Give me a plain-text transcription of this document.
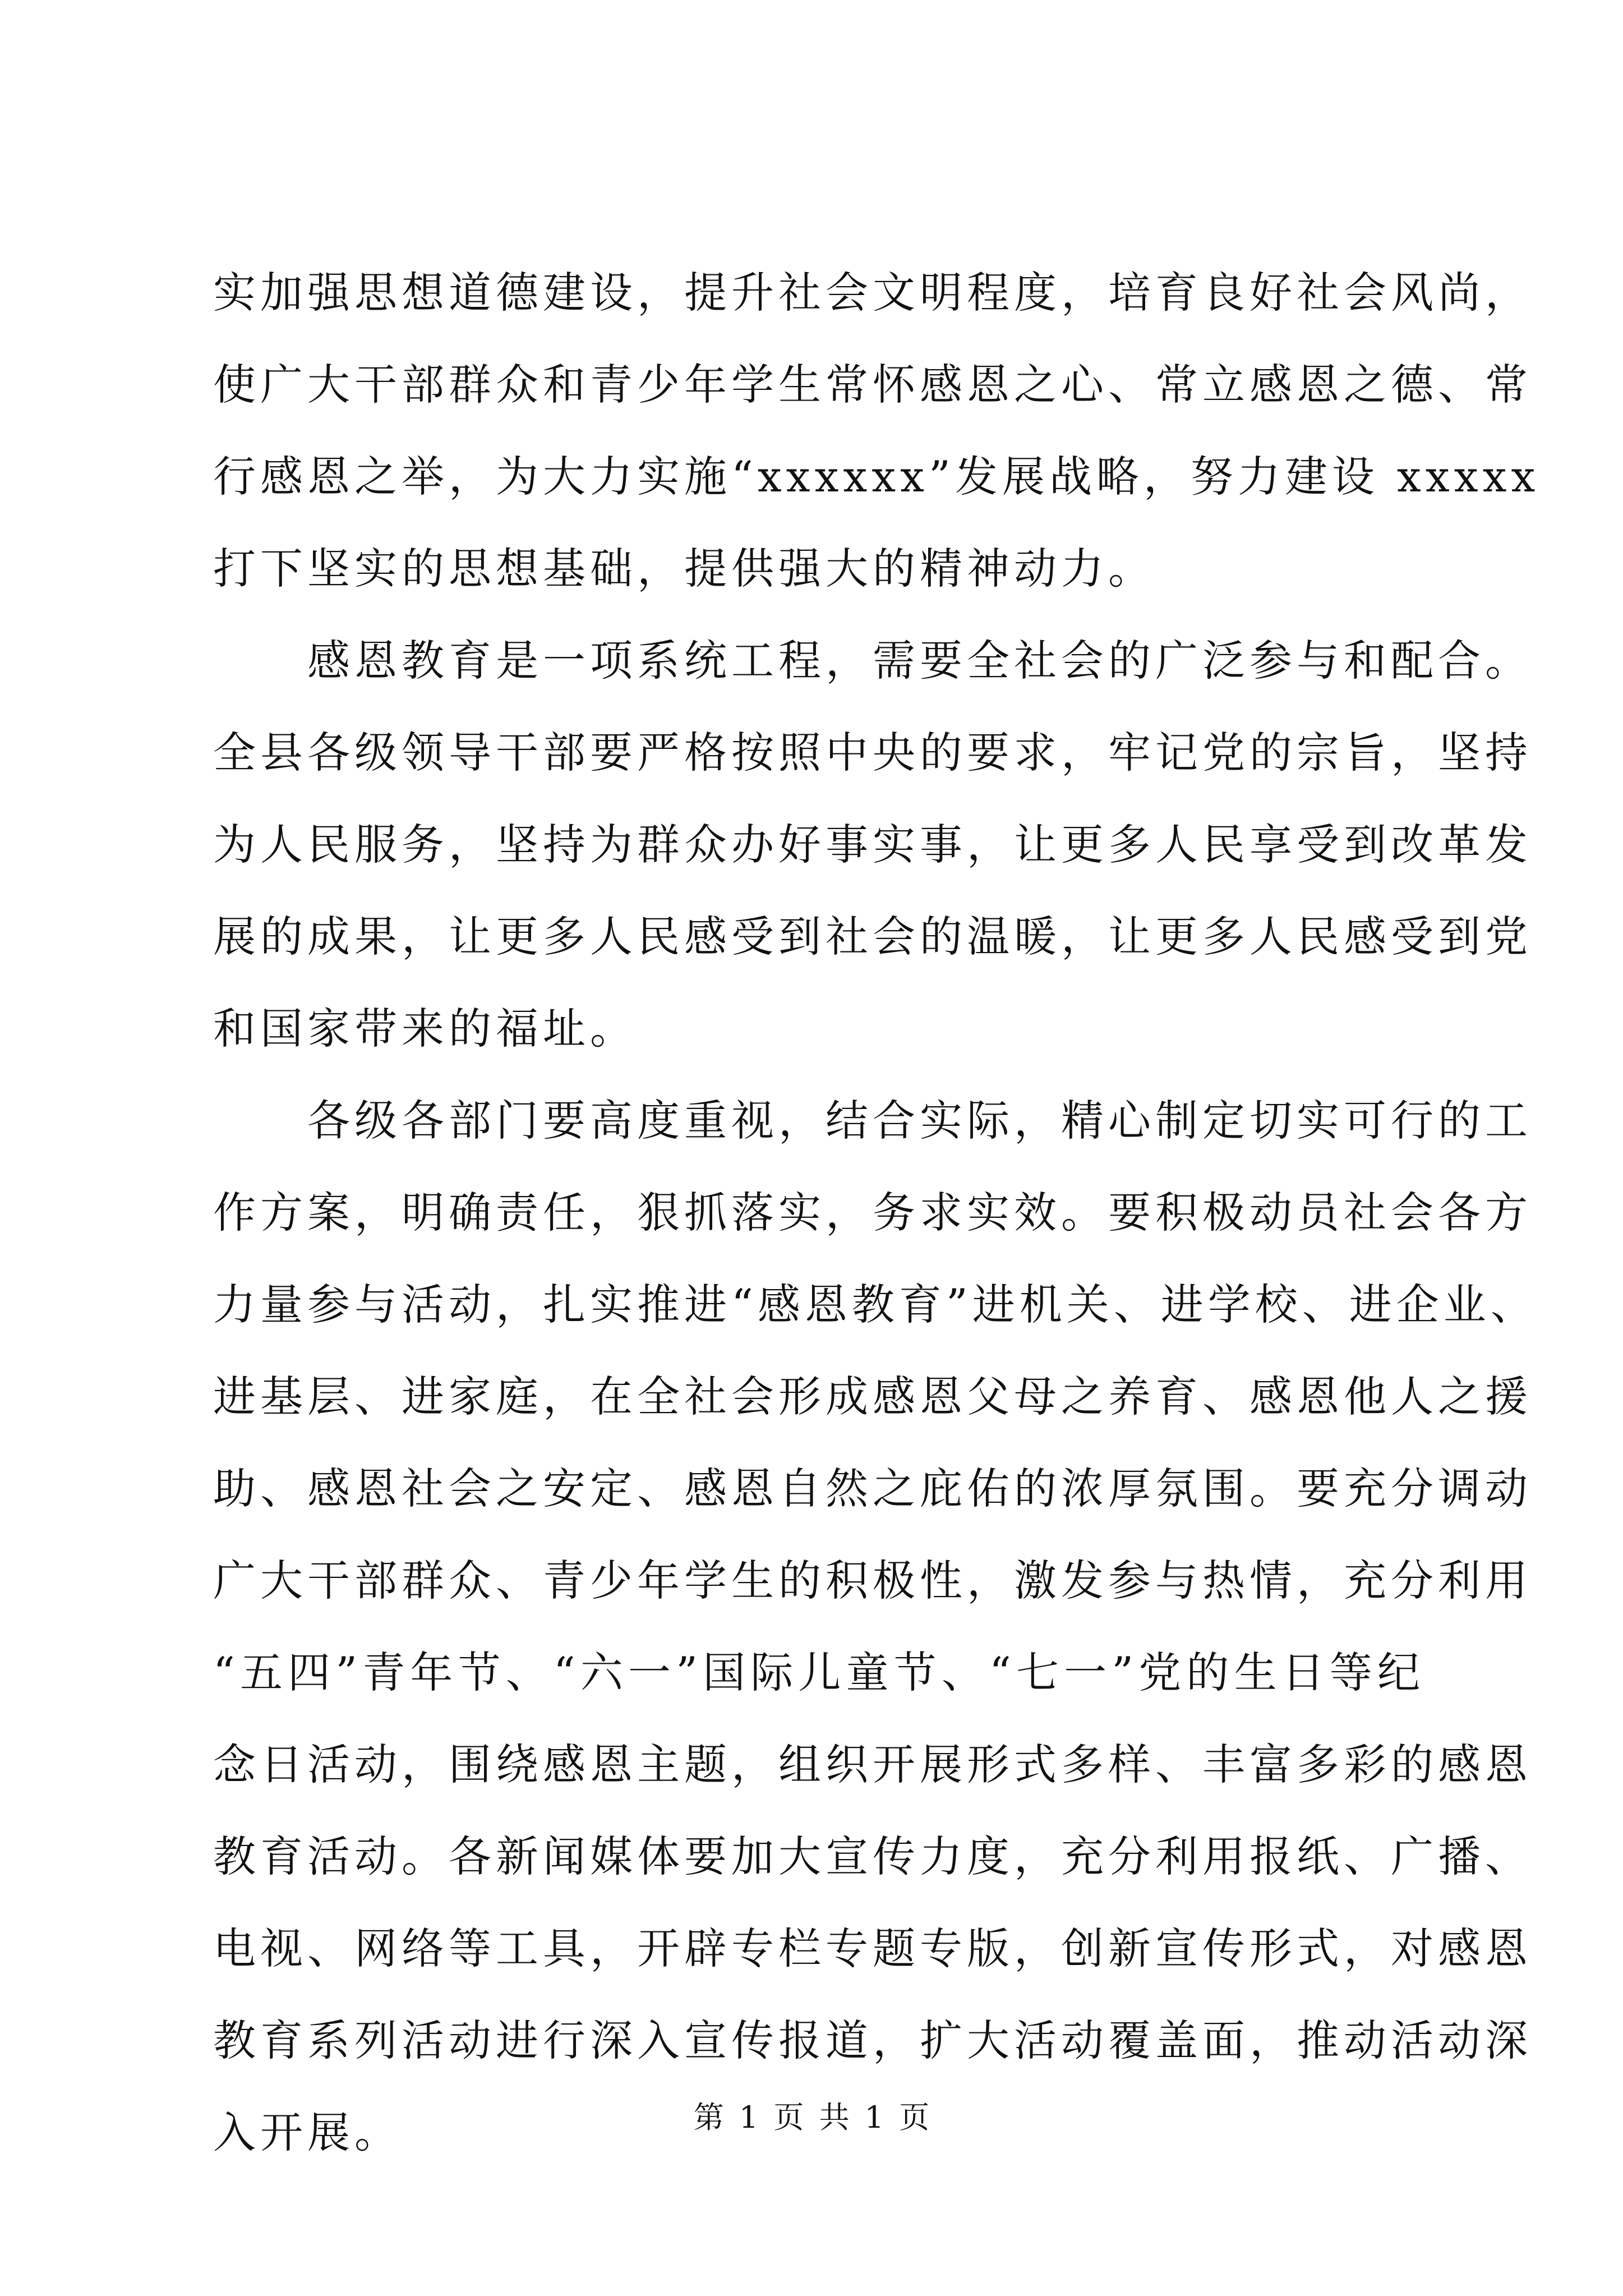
实加强思想道德建设，提升社会文明程度，培育良好社会风尚，
使广大干部群众和青少年学生常怀感恩之心、常立感恩之德、常
行感恩之举，为大力实施“xxxxxx”发展战略，努力建设 xxxxx
打下坚实的思想基础，提供强大的精神动力。
感恩教育是一项系统工程，需要全社会的广泛参与和配合。
全县各级领导干部要严格按照中央的要求，牢记党的宗旨，坚持
为人民服务，坚持为群众办好事实事，让更多人民享受到改革发
展的成果，让更多人民感受到社会的温暖，让更多人民感受到党
和国家带来的福址。
各级各部门要高度重视，结合实际，精心制定切实可行的工
作方案，明确责任，狠抓落实，务求实效。要积极动员社会各方
力量参与活动，扎实推进“感恩教育”进机关、进学校、进企业、
进基层、进家庭，在全社会形成感恩父母之养育、感恩他人之援
助、感恩社会之安定、感恩自然之庇佑的浓厚氛围。要充分调动
广大干部群众、青少年学生的积极性，激发参与热情，充分利用
“五四”青年节、“六一”国际儿童节、“七一”党的生日等纪
念日活动，围绕感恩主题，组织开展形式多样、丰富多彩的感恩
教育活动。各新闻媒体要加大宣传力度，充分利用报纸、广播、
电视、网络等工具，开辟专栏专题专版，创新宣传形式，对感恩
教育系列活动进行深入宣传报道，扩大活动覆盖面，推动活动深
入开展。	第 1 页 共 1 页
